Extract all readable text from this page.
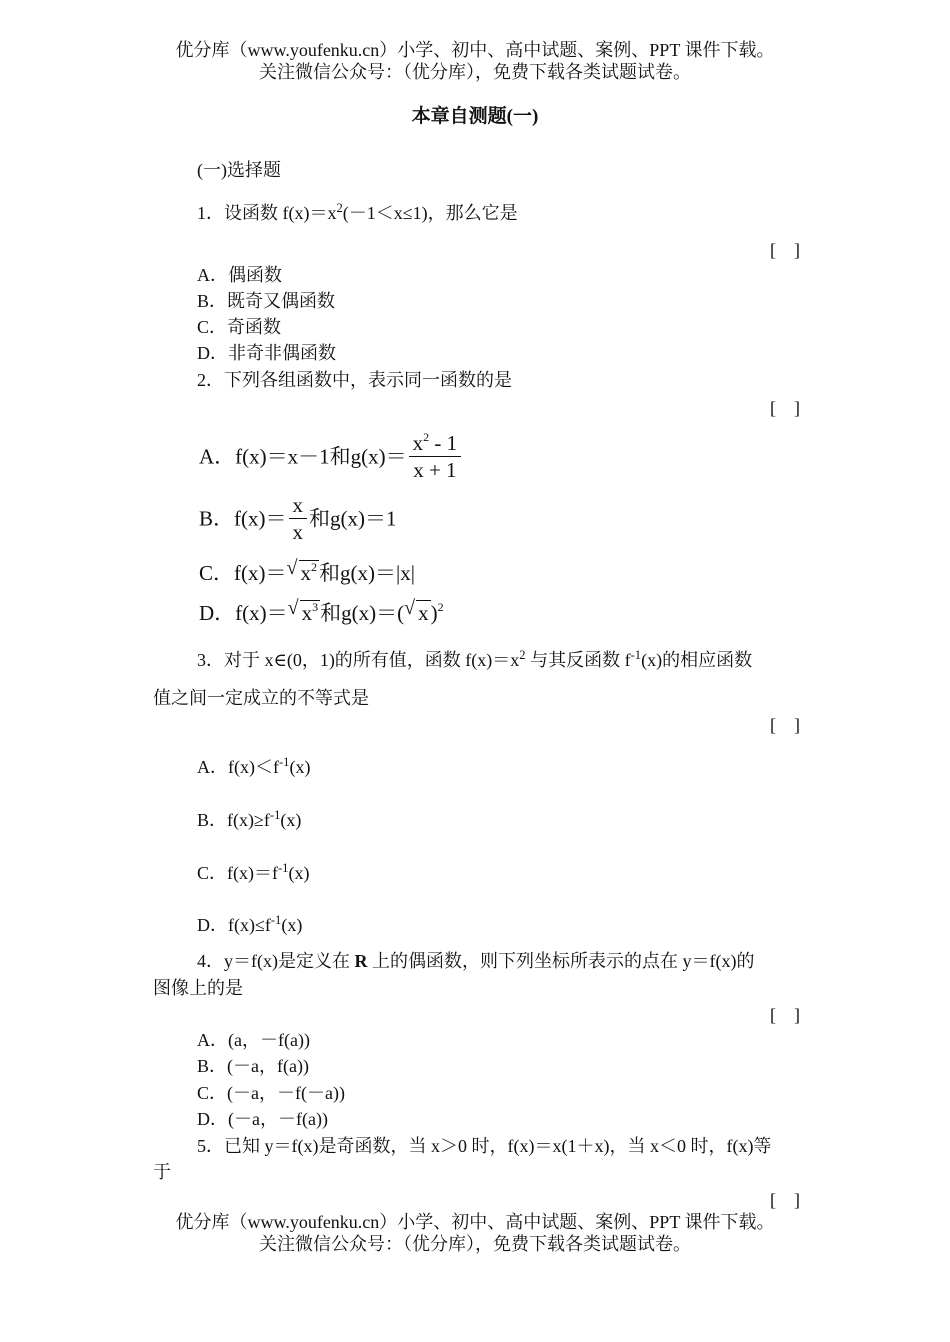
优分库（www.youfenku.cn）小学、初中、高中试题、案例、PPT 课件下载。
关注微信公众号：（优分库），免费下载各类试题试卷。
本章自测题(一)
(一)选择题
1．设函数 $f(x)=x^2(-1<x\le 1)$，那么它是
[　]
A．偶函数
B．既奇又偶函数
C．奇函数
D．非奇非偶函数
2．下列各组函数中，表示同一函数的是
[　]
A．f(x)＝x－1和$g(x)= \frac{x^2 - 1}{x + 1}$
B．$f(x)= \frac{x}{x}$ 和g(x)＝1
C．f(x)＝ √ $x^2$和g(x)＝|x|
D．f(x)＝ √ $x^3$和g(x)＝( √ x)$^2$
3．对于 x∈(0，1)的所有值，函数 $f(x)=x^2$ 与其反函数 $f^{-1}(x)$的相应函数
值之间一定成立的不等式是
[　]
A．$f(x)<f^{-1}(x)$
B．$f(x)\ge f^{-1}(x)$
C．$f(x)=f^{-1}(x)$
D．$f(x)\le f^{-1}(x)$
4．y＝f(x)是定义在 R 上的偶函数，则下列坐标所表示的点在 y＝f(x)的
图像上的是
[　]
A．(a，－f(a))
B．(－a，f(a))
C．(－a，－f(－a))
D．(－a，－f(a))
5．已知 y＝f(x)是奇函数，当 x＞0 时，f(x)＝x(1＋x)，当 x＜0 时，f(x)等
于
[　]
优分库（www.youfenku.cn）小学、初中、高中试题、案例、PPT 课件下载。
关注微信公众号：（优分库），免费下载各类试题试卷。
